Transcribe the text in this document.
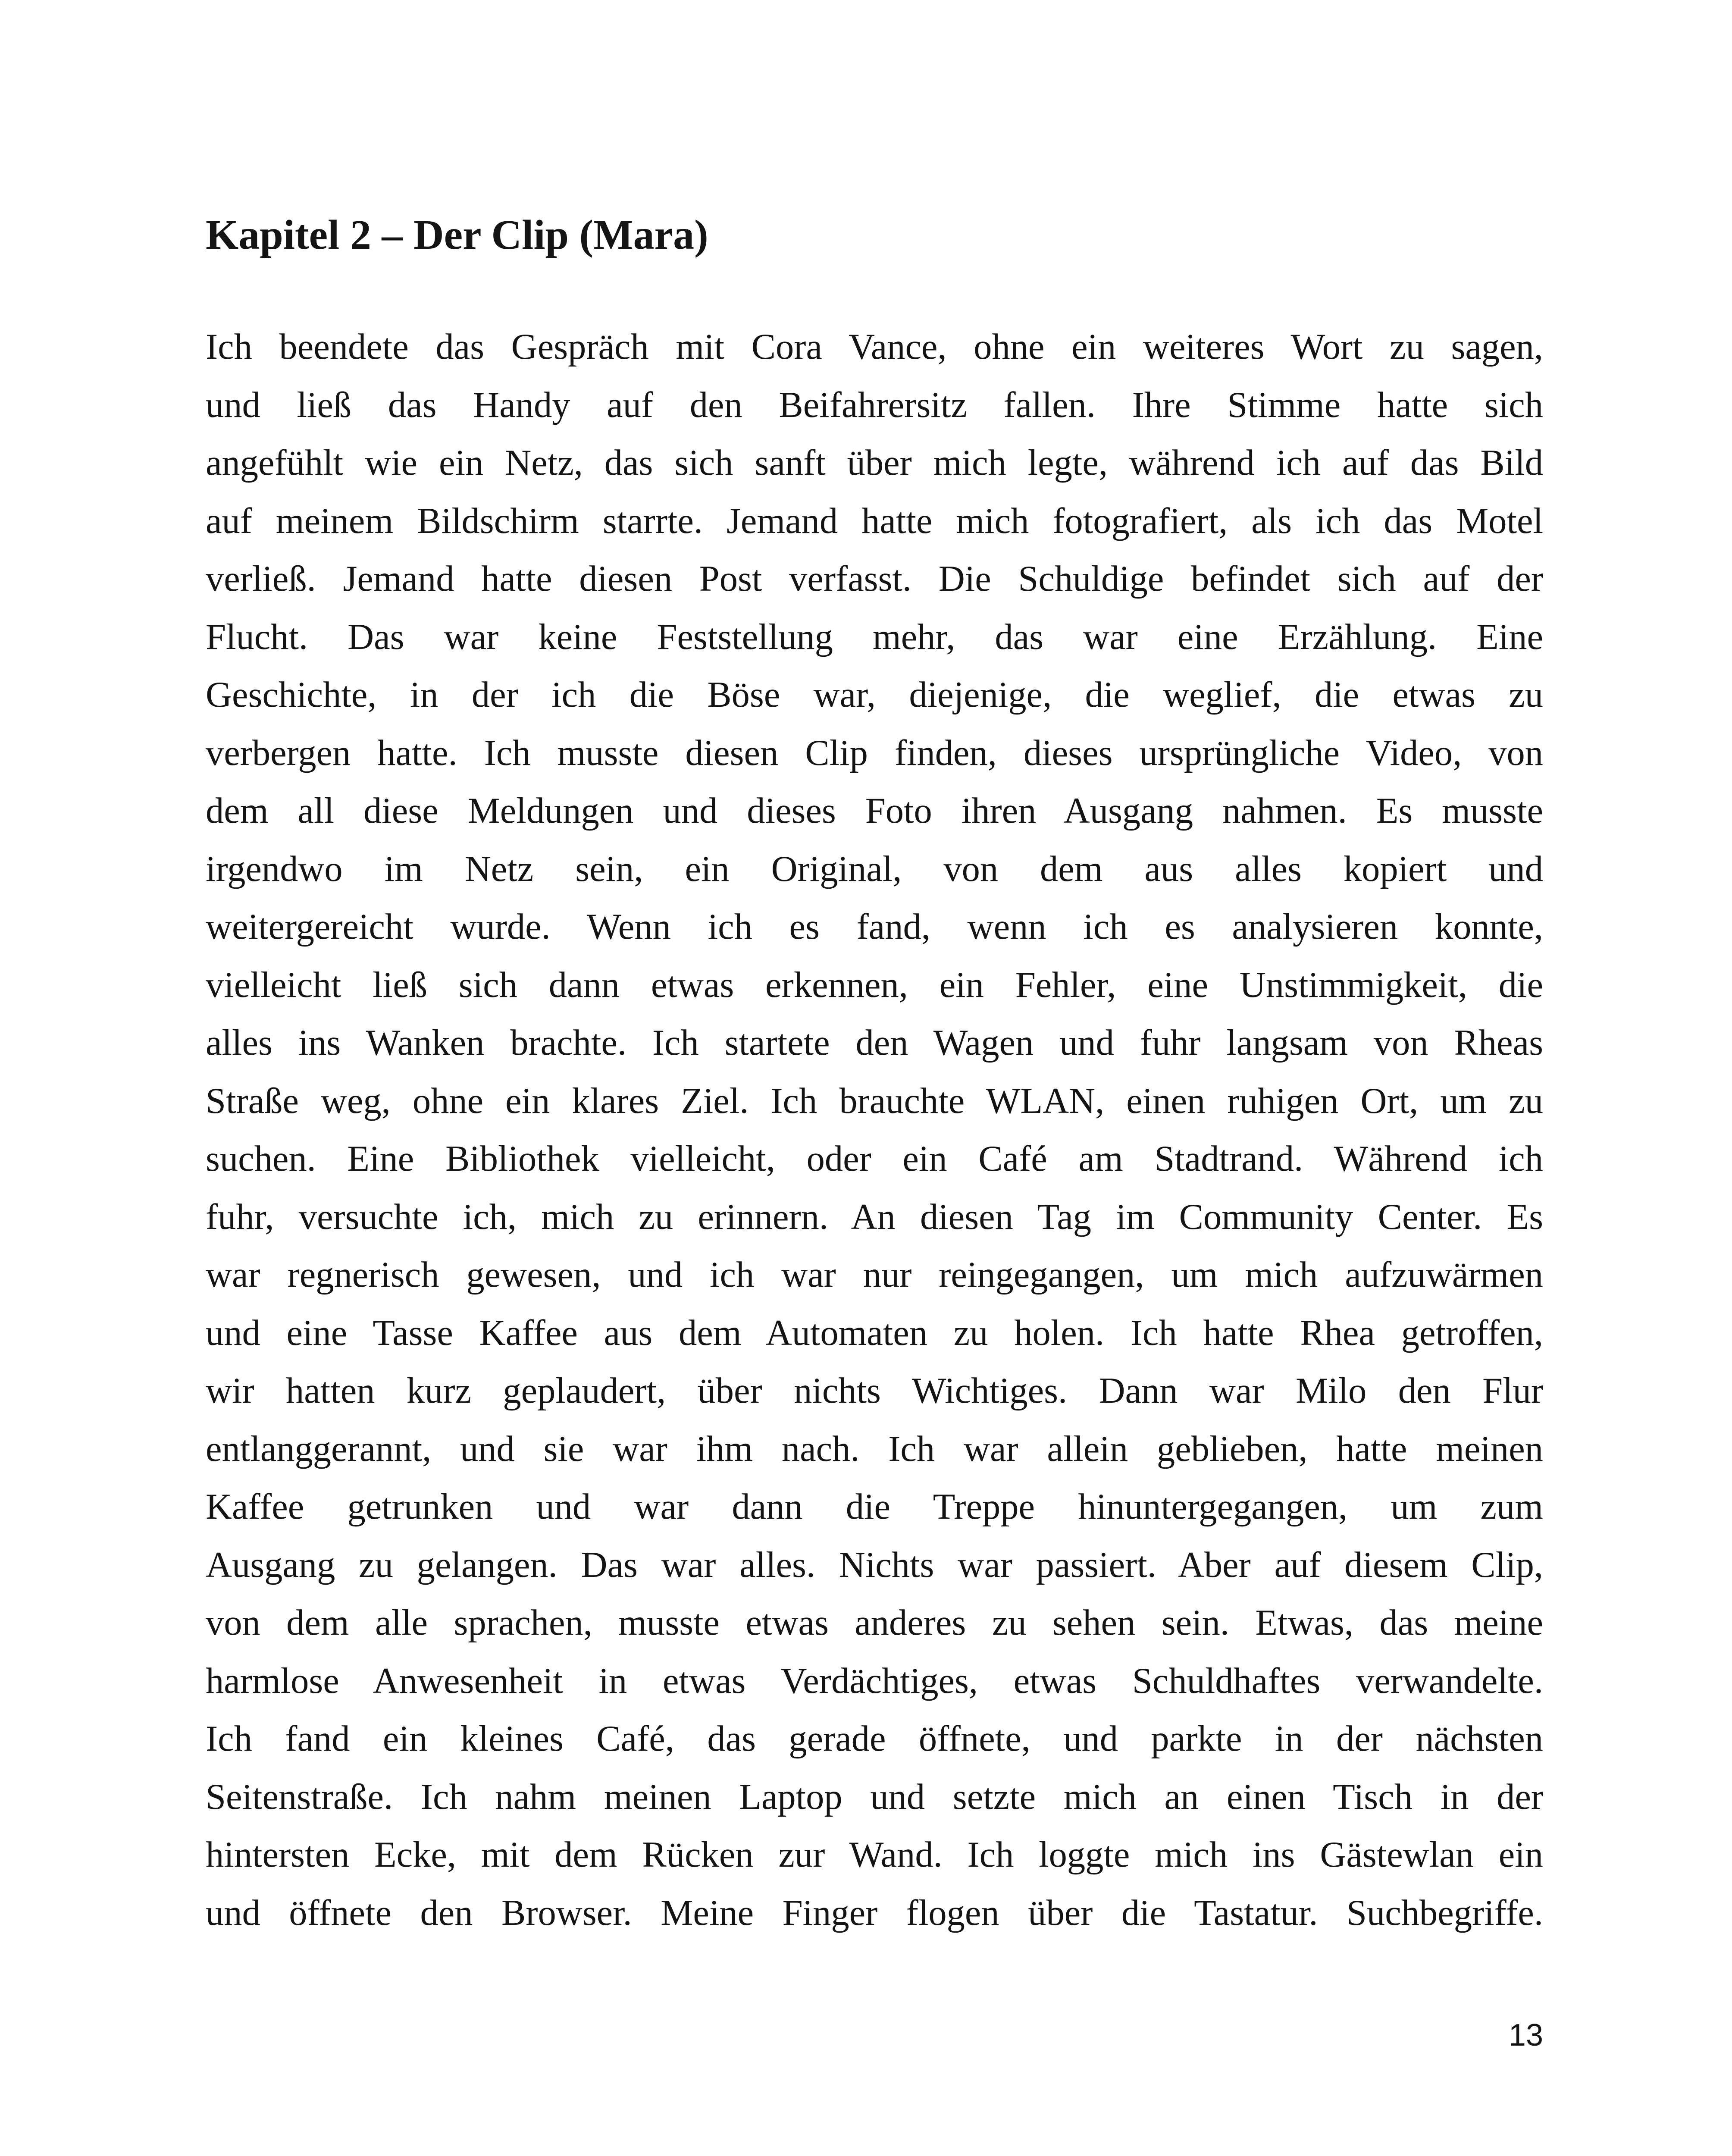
Kapitel 2 – Der Clip (Mara)
Ich beendete das Gespräch mit Cora Vance, ohne ein weiteres Wort zu sagen,
und ließ das Handy auf den Beifahrersitz fallen. Ihre Stimme hatte sich
angefühlt wie ein Netz, das sich sanft über mich legte, während ich auf das Bild
auf meinem Bildschirm starrte. Jemand hatte mich fotografiert, als ich das Motel
verließ. Jemand hatte diesen Post verfasst. Die Schuldige befindet sich auf der
Flucht. Das war keine Feststellung mehr, das war eine Erzählung. Eine
Geschichte, in der ich die Böse war, diejenige, die weglief, die etwas zu
verbergen hatte. Ich musste diesen Clip finden, dieses ursprüngliche Video, von
dem all diese Meldungen und dieses Foto ihren Ausgang nahmen. Es musste
irgendwo im Netz sein, ein Original, von dem aus alles kopiert und
weitergereicht wurde. Wenn ich es fand, wenn ich es analysieren konnte,
vielleicht ließ sich dann etwas erkennen, ein Fehler, eine Unstimmigkeit, die
alles ins Wanken brachte. Ich startete den Wagen und fuhr langsam von Rheas
Straße weg, ohne ein klares Ziel. Ich brauchte WLAN, einen ruhigen Ort, um zu
suchen. Eine Bibliothek vielleicht, oder ein Café am Stadtrand. Während ich
fuhr, versuchte ich, mich zu erinnern. An diesen Tag im Community Center. Es
war regnerisch gewesen, und ich war nur reingegangen, um mich aufzuwärmen
und eine Tasse Kaffee aus dem Automaten zu holen. Ich hatte Rhea getroffen,
wir hatten kurz geplaudert, über nichts Wichtiges. Dann war Milo den Flur
entlanggerannt, und sie war ihm nach. Ich war allein geblieben, hatte meinen
Kaffee getrunken und war dann die Treppe hinuntergegangen, um zum
Ausgang zu gelangen. Das war alles. Nichts war passiert. Aber auf diesem Clip,
von dem alle sprachen, musste etwas anderes zu sehen sein. Etwas, das meine
harmlose Anwesenheit in etwas Verdächtiges, etwas Schuldhaftes verwandelte.
Ich fand ein kleines Café, das gerade öffnete, und parkte in der nächsten
Seitenstraße. Ich nahm meinen Laptop und setzte mich an einen Tisch in der
hintersten Ecke, mit dem Rücken zur Wand. Ich loggte mich ins Gästewlan ein
und öffnete den Browser. Meine Finger flogen über die Tastatur. Suchbegriffe.
13
